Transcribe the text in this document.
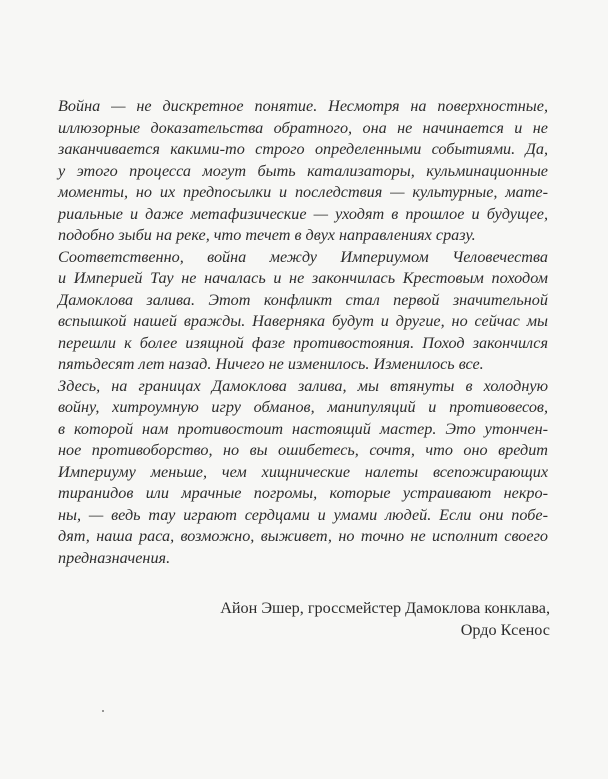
Война — не дискретное понятие. Несмотря на поверхностные,
иллюзорные доказательства обратного, она не начинается и не
заканчивается какими-то строго определенными событиями. Да,
у этого процесса могут быть катализаторы, кульминационные
моменты, но их предпосылки и последствия — культурные, мате-
риальные и даже метафизические — уходят в прошлое и будущее,
подобно зыби на реке, что течет в двух направлениях сразу.

Соответственно, война между Империумом Человечества
и Империей Тау не началась и не закончилась Крестовым походом
Дамоклова залива. Этот конфликт стал первой значительной
вспышкой нашей вражды. Наверняка будут и другие, но сейчас мы
перешли к более изящной фазе противостояния. Поход закончился
пятьдесят лет назад. Ничего не изменилось. Изменилось все.

Здесь, на границах Дамоклова залива, мы втянуты в холодную
войну, хитроумную игру обманов, манипуляций и противовесов,
в которой нам противостоит настоящий мастер. Это утончен-
ное противоборство, но вы ошибетесь, сочтя, что оно вредит
Империуму меньше, чем хищнические налеты всепожирающих
тиранидов или мрачные погромы, которые устраивают некро-
ны, — ведь тау играют сердцами и умами людей. Если они побе-
дят, наша раса, возможно, выживет, но точно не исполнит своего
предназначения.

Айон Эшер, гроссмейстер Дамоклова конклава,
Ордо Ксенос
